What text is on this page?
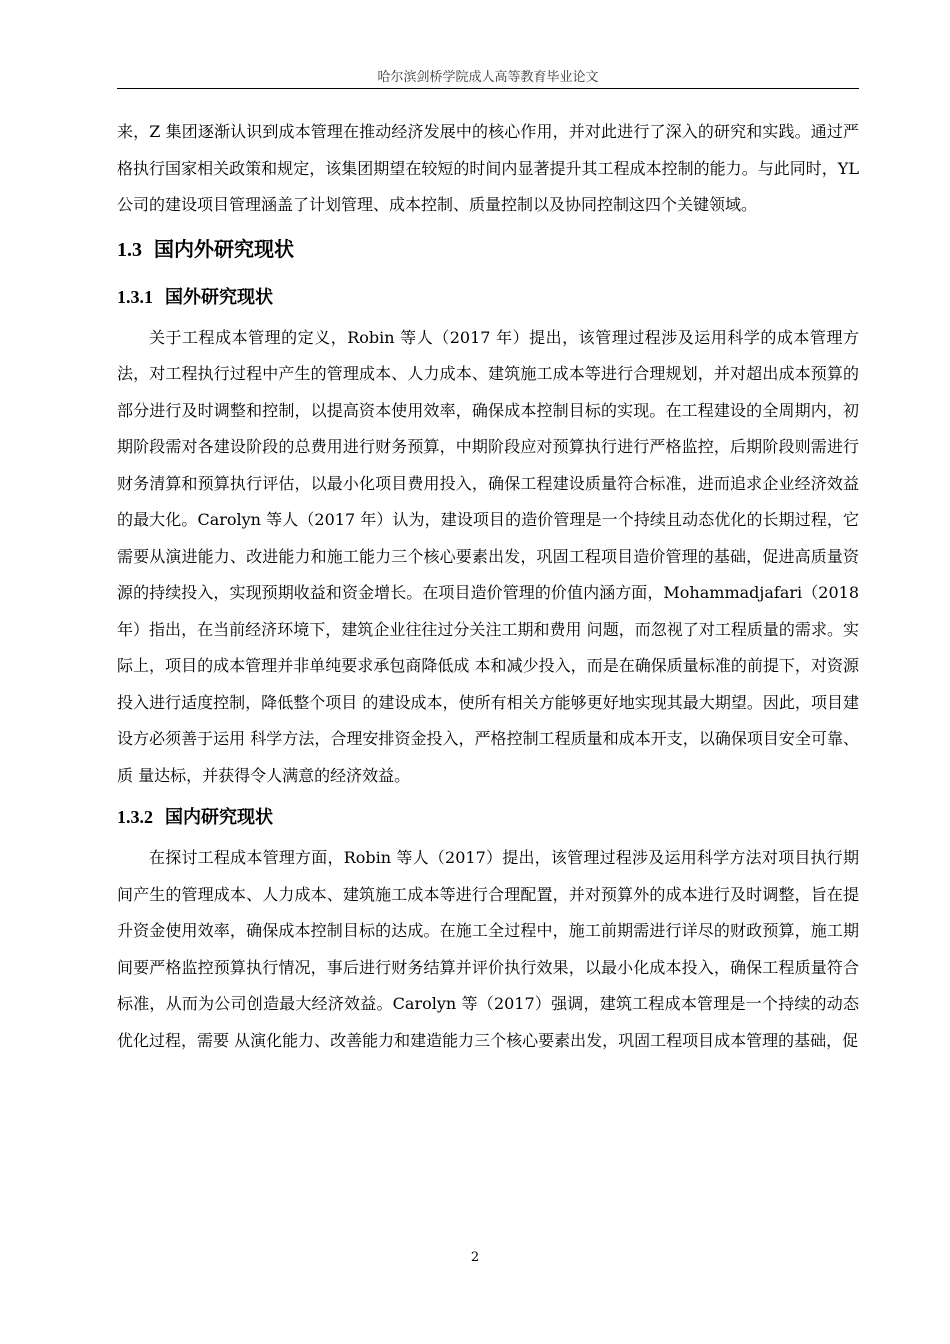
哈尔滨剑桥学院成人高等教育毕业论文

来，Z 集团逐渐认识到成本管理在推动经济发展中的核心作用，并对此进行了深入的研究和实践。通过严格执行国家相关政策和规定，该集团期望在较短的时间内显著提升其工程成本控制的能力。与此同时，YL 公司的建设项目管理涵盖了计划管理、成本控制、质量控制以及协同控制这四个关键领域。

1.3 国内外研究现状
1.3.1 国外研究现状

关于工程成本管理的定义，Robin 等人（2017 年）提出，该管理过程涉及运用科学的成本管理方法，对工程执行过程中产生的管理成本、人力成本、建筑施工成本等进行合理规划，并对超出成本预算的部分进行及时调整和控制，以提高资本使用效率，确保成本控制目标的实现。在工程建设的全周期内，初期阶段需对各建设阶段的总费用进行财务预算，中期阶段应对预算执行进行严格监控，后期阶段则需进行财务清算和预算执行评估，以最小化项目费用投入，确保工程建设质量符合标准，进而追求企业经济效益的最大化。Carolyn 等人（2017 年）认为，建设项目的造价管理是一个持续且动态优化的长期过程，它需要从演进能力、改进能力和施工能力三个核心要素出发，巩固工程项目造价管理的基础，促进高质量资源的持续投入，实现预期收益和资金增长。在项目造价管理的价值内涵方面，Mohammadjafari（2018 年）指出，在当前经济环境下，建筑企业往往过分关注工期和费用 问题，而忽视了对工程质量的需求。实际上，项目的成本管理并非单纯要求承包商降低成 本和减少投入，而是在确保质量标准的前提下，对资源投入进行适度控制，降低整个项目 的建设成本，使所有相关方能够更好地实现其最大期望。因此，项目建设方必须善于运用 科学方法，合理安排资金投入，严格控制工程质量和成本开支，以确保项目安全可靠、质 量达标，并获得令人满意的经济效益。

1.3.2 国内研究现状

在探讨工程成本管理方面，Robin 等人（2017）提出，该管理过程涉及运用科学方法对项目执行期间产生的管理成本、人力成本、建筑施工成本等进行合理配置，并对预算外的成本进行及时调整，旨在提升资金使用效率，确保成本控制目标的达成。在施工全过程中，施工前期需进行详尽的财政预算，施工期间要严格监控预算执行情况，事后进行财务结算并评价执行效果，以最小化成本投入，确保工程质量符合标准，从而为公司创造最大经济效益。Carolyn 等（2017）强调，建筑工程成本管理是一个持续的动态优化过程，需要 从演化能力、改善能力和建造能力三个核心要素出发，巩固工程项目成本管理的基础，促

2
